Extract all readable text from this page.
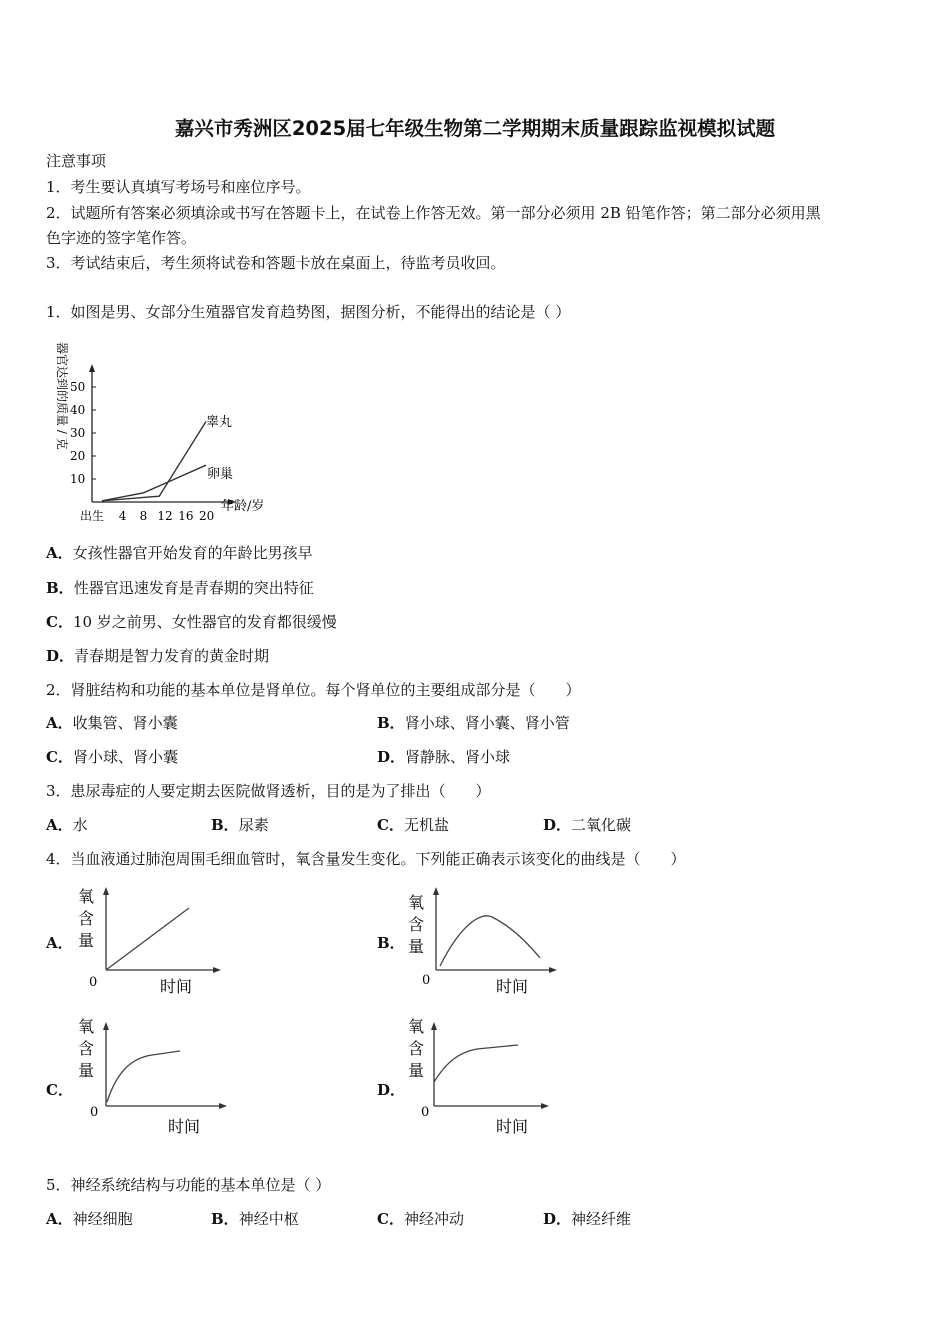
嘉兴市秀洲区2025届七年级生物第二学期期末质量跟踪监视模拟试题
注意事项
1．考生要认真填写考场号和座位序号。
2．试题所有答案必须填涂或书写在答题卡上，在试卷上作答无效。第一部分必须用 2B 铅笔作答；第二部分必须用黑
色字迹的签字笔作答。
3．考试结束后，考生须将试卷和答题卡放在桌面上，待监考员收回。
1．如图是男、女部分生殖器官发育趋势图，据图分析，不能得出的结论是（ ）
器官达到的质量 / 克
10
20
30
40
50
出生 4 8 12 16 20
年龄/岁
睾丸
卵巢
A．女孩性器官开始发育的年龄比男孩早
B．性器官迅速发育是青春期的突出特征
C．10 岁之前男、女性器官的发育都很缓慢
D．青春期是智力发育的黄金时期
2．肾脏结构和功能的基本单位是肾单位。每个肾单位的主要组成部分是（　　）
A．收集管、肾小囊	B．肾小球、肾小囊、肾小管
C．肾小球、肾小囊	D．肾静脉、肾小球
3．患尿毒症的人要定期去医院做肾透析，目的是为了排出（　　）
A．水	B．尿素	C．无机盐	D．二氧化碳
4．当血液通过肺泡周围毛细血管时，氧含量发生变化。下列能正确表示该变化的曲线是（　　）
A．
氧
含
量
0	时间
B．
氧
含
量
0	时间
C．
氧
含
量
0
时间
D．
氧
含
量
0
时间
5．神经系统结构与功能的基本单位是（ ）
A．神经细胞	B．神经中枢	C．神经冲动	D．神经纤维
